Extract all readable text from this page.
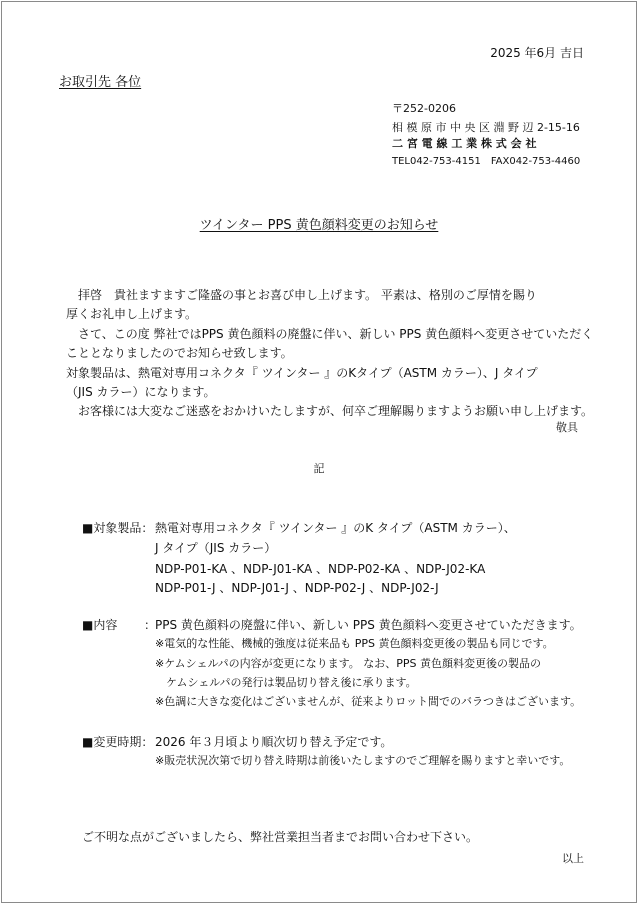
2025 年6月 吉日
お取引先 各位
〒252-0206
相 模 原 市 中 央 区 淵 野 辺 2-15-16
二 宮 電 線 工 業 株 式 会 社
TEL042-753-4151　FAX042-753-4460
ツインター PPS 黄色顔料変更のお知らせ
　拝啓　貴社ますますご隆盛の事とお喜び申し上げます。 平素は、格別のご厚情を賜り
厚くお礼申し上げます。
　さて、この度 弊社ではPPS 黄色顔料の廃盤に伴い、新しい PPS 黄色顔料へ変更させていただく
こととなりましたのでお知らせ致します。
対象製品は、熱電対専用コネクタ『 ツインター 』のKタイプ（ASTM カラー）、J タイプ
（JIS カラー）になります。
　お客様には大変なご迷惑をおかけいたしますが、何卒ご理解賜りますようお願い申し上げます。
敬具
記
■対象製品： 熱電対専用コネクタ『 ツインター 』のK タイプ（ASTM カラー）、
J タイプ（JIS カラー）
NDP-P01-KA 、NDP-J01-KA 、NDP-P02-KA 、NDP-J02-KA
NDP-P01-J 、NDP-J01-J 、NDP-P02-J 、NDP-J02-J
■内容 ：
PPS 黄色顔料の廃盤に伴い、新しい PPS 黄色顔料へ変更させていただきます。
※電気的な性能、機械的強度は従来品も PPS 黄色顔料変更後の製品も同じです。
※ケムシェルパの内容が変更になります。 なお、PPS 黄色顔料変更後の製品の
　ケムシェルパの発行は製品切り替え後に承ります。
※色調に大きな変化はございませんが、従来よりロット間でのバラつきはございます。
■変更時期： 2026 年３月頃より順次切り替え予定です。
※販売状況次第で切り替え時期は前後いたしますのでご理解を賜りますと幸いです。
ご不明な点がございましたら、弊社営業担当者までお問い合わせ下さい。
以上
